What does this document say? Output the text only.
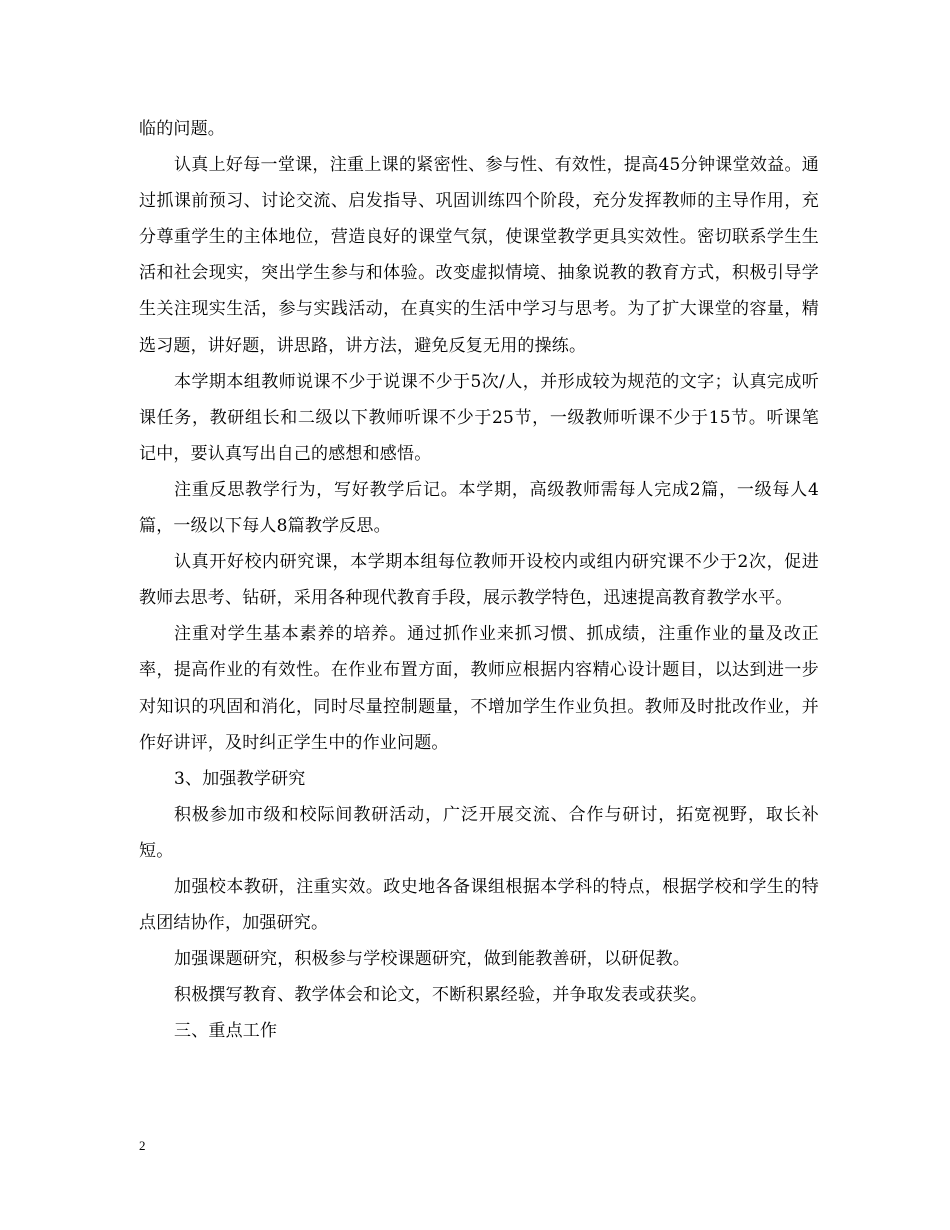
临的问题。

认真上好每一堂课，注重上课的紧密性、参与性、有效性，提高45分钟课堂效益。通过抓课前预习、讨论交流、启发指导、巩固训练四个阶段，充分发挥教师的主导作用，充分尊重学生的主体地位，营造良好的课堂气氛，使课堂教学更具实效性。密切联系学生生活和社会现实，突出学生参与和体验。改变虚拟情境、抽象说教的教育方式，积极引导学生关注现实生活，参与实践活动，在真实的生活中学习与思考。为了扩大课堂的容量，精选习题，讲好题，讲思路，讲方法，避免反复无用的操练。

本学期本组教师说课不少于说课不少于5次/人，并形成较为规范的文字；认真完成听课任务，教研组长和二级以下教师听课不少于25节，一级教师听课不少于15节。听课笔记中，要认真写出自己的感想和感悟。

注重反思教学行为，写好教学后记。本学期，高级教师需每人完成2篇，一级每人4篇，一级以下每人8篇教学反思。

认真开好校内研究课，本学期本组每位教师开设校内或组内研究课不少于2次，促进教师去思考、钻研，采用各种现代教育手段，展示教学特色，迅速提高教育教学水平。

注重对学生基本素养的培养。通过抓作业来抓习惯、抓成绩，注重作业的量及改正率，提高作业的有效性。在作业布置方面，教师应根据内容精心设计题目，以达到进一步对知识的巩固和消化，同时尽量控制题量，不增加学生作业负担。教师及时批改作业，并作好讲评，及时纠正学生中的作业问题。

3、加强教学研究

积极参加市级和校际间教研活动，广泛开展交流、合作与研讨，拓宽视野，取长补短。

加强校本教研，注重实效。政史地各备课组根据本学科的特点，根据学校和学生的特点团结协作，加强研究。

加强课题研究，积极参与学校课题研究，做到能教善研，以研促教。

积极撰写教育、教学体会和论文，不断积累经验，并争取发表或获奖。

三、重点工作

2
